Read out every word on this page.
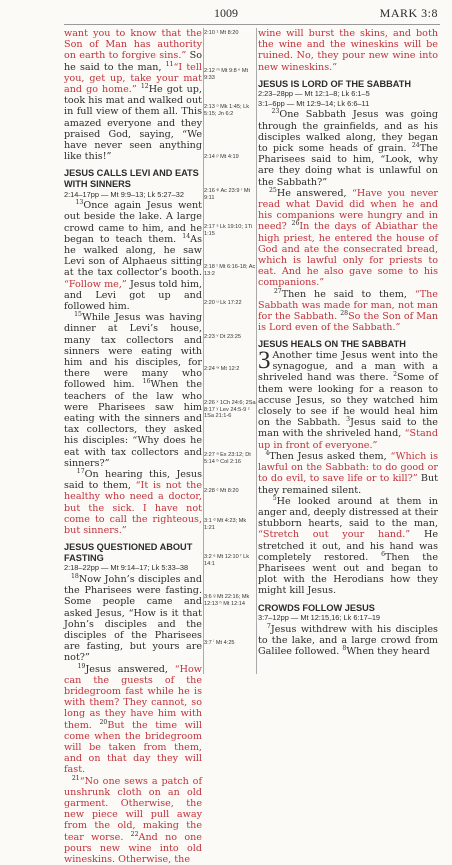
1009	MARK 3:8

want you to know that the Son of Man has authority on earth to forgive sins.” So he said to the man, $^{11}$“I tell you, get up, take your mat and go home.” $^{12}$He got up, took his mat and walked out in full view of them all. This amazed everyone and they praised God, saying, “We have never seen anything like this!”

JESUS CALLS LEVI AND EATS WITH SINNERS
2:14–17pp — Mt 9:9–13; Lk 5:27–32

$^{13}$Once again Jesus went out beside the lake. A large crowd came to him, and he began to teach them. $^{14}$As he walked along, he saw Levi son of Alphaeus sitting at the tax collector’s booth. “Follow me,” Jesus told him, and Levi got up and followed him.

$^{15}$While Jesus was having dinner at Levi’s house, many tax collectors and sinners were eating with him and his disciples, for there were many who followed him. $^{16}$When the teachers of the law who were Pharisees saw him eating with the sinners and tax collectors, they asked his disciples: “Why does he eat with tax collectors and sinners?”

$^{17}$On hearing this, Jesus said to them, “It is not the healthy who need a doctor, but the sick. I have not come to call the righteous, but sinners.”

JESUS QUESTIONED ABOUT FASTING
2:18–22pp — Mt 9:14–17; Lk 5:33–38

$^{18}$Now John’s disciples and the Pharisees were fasting. Some people came and asked Jesus, “How is it that John’s disciples and the disciples of the Pharisees are fasting, but yours are not?”

$^{19}$Jesus answered, “How can the guests of the bridegroom fast while he is with them? They cannot, so long as they have him with them. $^{20}$But the time will come when the bridegroom will be taken from them, and on that day they will fast.

$^{21}$“No one sews a patch of unshrunk cloth on an old garment. Otherwise, the new piece will pull away from the old, making the tear worse. $^{22}$And no one pours new wine into old wineskins. Otherwise, the

2:10 ¹ Mt 8:20
2:12 ᵐ Mt 9:8 ⁿ Mt 9:33
2:13 ᵒ Mk 1:45; Lk 5:15; Jn 6:2
2:14 ᵖ Mt 4:19
2:16 ᵠ Ac 23:9 ʳ Mt 9:11
2:17 ˢ Lk 19:10; 1Ti 1:15
2:18 ᵗ Mt 6:16-18; Ac 13:2
2:20 ᵘ Lk 17:22
2:23 ᵛ Dt 23:25
2:24 ʷ Mt 12:2
2:26 ˣ 1Ch 24:6; 2Sa 8:17 ʸ Lev 24:5-9 ᶻ 1Sa 21:1-6
2:27 ᵃ Ex 23:12; Dt 5:14 ᵇ Col 2:16
2:28 ᶜ Mt 8:20
3:1 ᵈ Mt 4:23; Mk 1:21
3:2 ᵉ Mt 12:10 ᶠ Lk 14:1
3:6 ᵍ Mt 22:16; Mk 12:13 ʰ Mt 12:14
3:7 ⁱ Mt 4:25

wine will burst the skins, and both the wine and the wineskins will be ruined. No, they pour new wine into new wineskins.”

JESUS IS LORD OF THE SABBATH
2:23–28pp — Mt 12:1–8; Lk 6:1–5
3:1–6pp — Mt 12:9–14; Lk 6:6–11

$^{23}$One Sabbath Jesus was going through the grainfields, and as his disciples walked along, they began to pick some heads of grain. $^{24}$The Pharisees said to him, “Look, why are they doing what is unlawful on the Sabbath?”

$^{25}$He answered, “Have you never read what David did when he and his companions were hungry and in need? $^{26}$In the days of Abiathar the high priest, he entered the house of God and ate the consecrated bread, which is lawful only for priests to eat. And he also gave some to his companions.”

$^{27}$Then he said to them, “The Sabbath was made for man, not man for the Sabbath. $^{28}$So the Son of Man is Lord even of the Sabbath.”

JESUS HEALS ON THE SABBATH

3 Another time Jesus went into the synagogue, and a man with a shriveled hand was there. $^2$Some of them were looking for a reason to accuse Jesus, so they watched him closely to see if he would heal him on the Sabbath. $^3$Jesus said to the man with the shriveled hand, “Stand up in front of everyone.”

$^4$Then Jesus asked them, “Which is lawful on the Sabbath: to do good or to do evil, to save life or to kill?” But they remained silent.

$^5$He looked around at them in anger and, deeply distressed at their stubborn hearts, said to the man, “Stretch out your hand.” He stretched it out, and his hand was completely restored. $^6$Then the Pharisees went out and began to plot with the Herodians how they might kill Jesus.

CROWDS FOLLOW JESUS
3:7–12pp — Mt 12:15,16; Lk 6:17–19

$^7$Jesus withdrew with his disciples to the lake, and a large crowd from Galilee followed. $^8$When they heard
